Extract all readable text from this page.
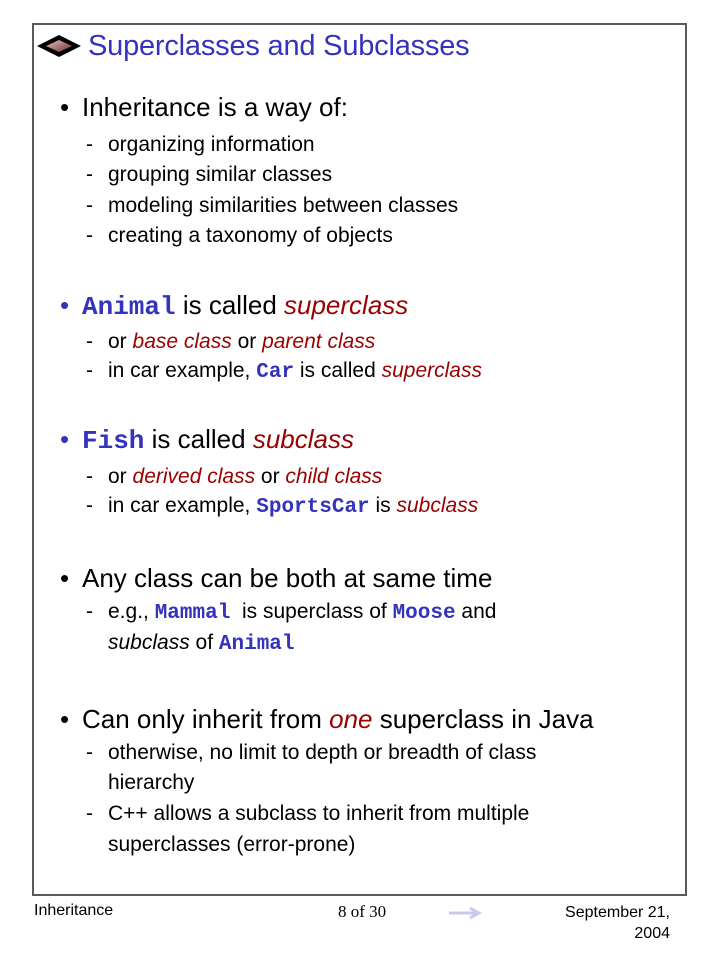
Superclasses and Subclasses
• Inheritance is a way of:
- organizing information
- grouping similar classes
- modeling similarities between classes
- creating a taxonomy of objects
• Animal is called superclass
- or base class or parent class
- in car example, Car is called superclass
• Fish is called subclass
- or derived class or child class
- in car example, SportsCar is subclass
• Any class can be both at same time
- e.g., Mammal  is superclass of Moose and
subclass of Animal
• Can only inherit from one superclass in Java
- otherwise, no limit to depth or breadth of class
hierarchy
- C++ allows a subclass to inherit from multiple
superclasses (error-prone)
Inheritance	8 of 30	September 21,
2004
